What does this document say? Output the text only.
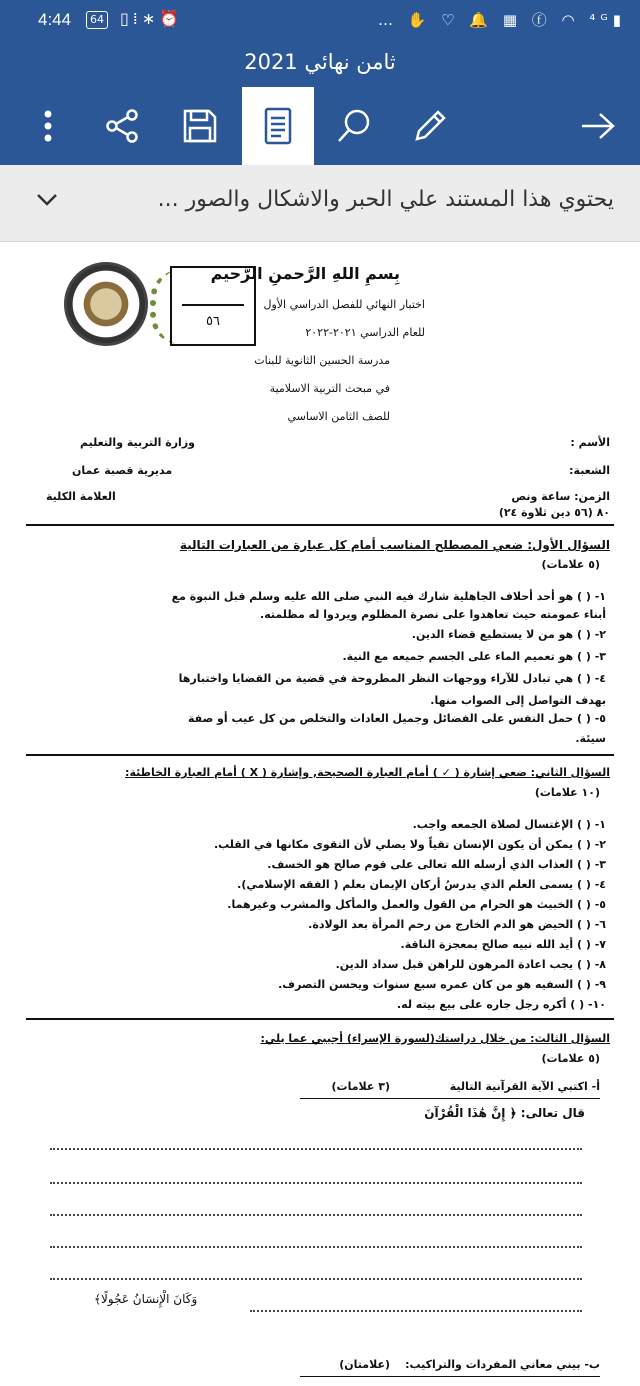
4:44	64 ▯⁞∗⏰	… ✋ ♡ 🔔 ▦ ⓕ ◠ ⁴ᴳ▮
ثامن نهائي 2021
يحتوي هذا المستند علي الحبر والاشكال والصور ...
٥٦
بِسمِ اللهِ الرَّحمنِ الرَّحيم
اختبار النهائي للفصل الدراسي الأول
للعام الدراسي ٢٠٢١-٢٠٢٢
مدرسة الحسين الثانوية للبنات
في مبحث التربية الاسلامية
للصف الثامن الاساسي
الأسم :
وزارة التربية والتعليم
الشعبة:
مديرية قصبة عمان
الزمن: ساعة ونص
العلامة الكلية
٨٠ (٥٦ دين ثلاوة ٢٤)
السؤال الأول: ضعي المصطلح المناسب أمام كل عبارة من العبارات التالية
(٥ علامات)
١- ( ) هو أحد أحلاف الجاهلية شارك فيه النبي صلى الله عليه وسلم قبل النبوة مع
أبناء عمومته حيث تعاهدوا على نصرة المظلوم ويردوا له مظلمته.
٢- ( ) هو من لا يستطيع قضاء الدين.
٣- ( ) هو تعميم الماء على الجسم جميعه مع النية.
٤- ( ) هي تبادل للآراء ووجهات النظر المطروحة في قضية من القضايا واختبارها
بهدف التواصل إلى الصواب منها.
٥- ( ) حمل النفس على الفضائل وجميل العادات والتخلص من كل عيب أو صفة
سيئة.
السؤال الثاني: ضعي إشارة ( ✓ ) أمام العبارة الصحيحة, وإشارة ( X ) أمام العبارة الخاطئة:
(١٠ علامات)
١- ( ) الإغتسال لصلاة الجمعه واجب.
٢- ( ) يمكن أن يكون الإنسان تقياً ولا يصلي لأن التقوى مكانها في القلب.
٣- ( ) العذاب الذي أرسله الله تعالى على قوم صالح هو الخسف.
٤- ( ) يسمى العلم الذي يدرسُ أركان الإيمان بعلم ( الفقه الإسلامي).
٥- ( ) الخبيث هو الحرام من القول والعمل والمأكل والمشرب وغيرهما.
٦- ( ) الحيض هو الدم الخارج من رحم المرأة بعد الولادة.
٧- ( ) أيد الله نبيه صالح بمعجزة الناقة.
٨- ( ) يجب اعادة المرهون للراهن قبل سداد الدين.
٩- ( ) السفيه هو من كان عمره سبع سنوات ويحسن التصرف.
١٠- ( ) أكره رجل جاره على بيع بيته له.
السؤال الثالث: من خلال دراستك(لسورة الإسراء) أجيبي عما يلي:
(٥ علامات)
أ- اكتبي الآية القرآنية التالية
(٣ علامات)
قال تعالى: ﴿ إِنَّ هَٰذَا الْقُرْآنَ
وَكَانَ الْإِنسَانُ عَجُولًا﴾
ب- بيني معاني المفردات والتراكيب:
(علامتان)
